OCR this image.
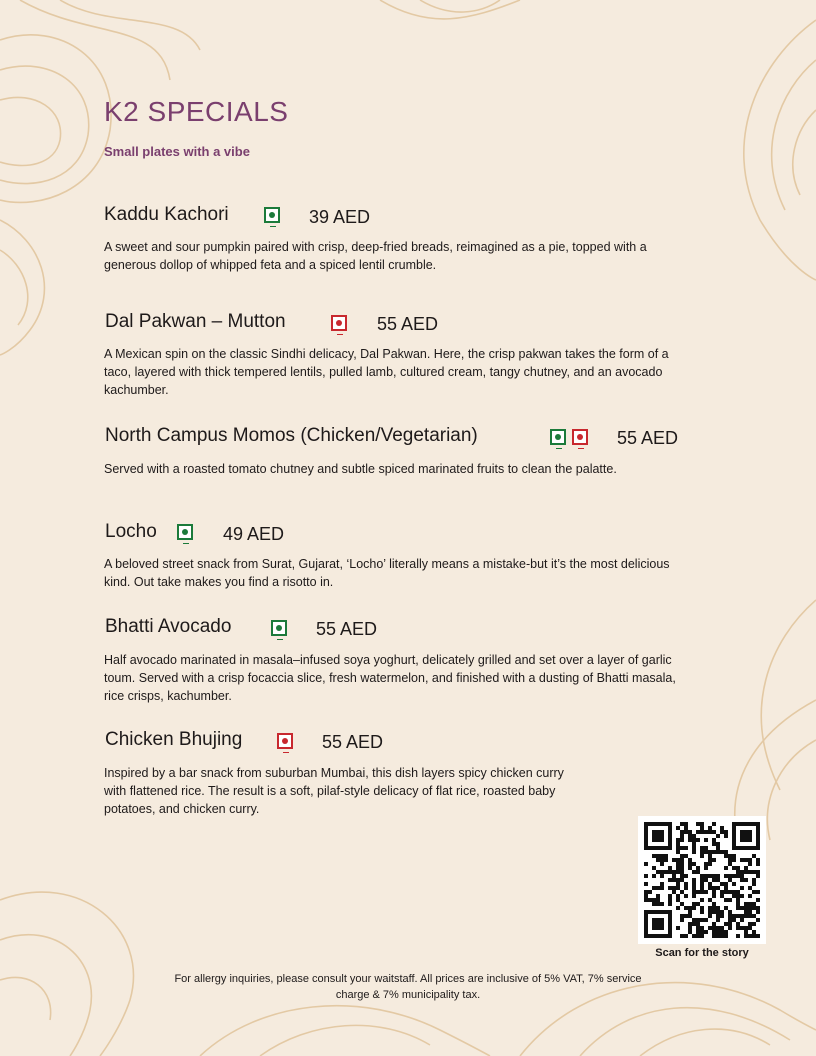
K2 SPECIALS
Small plates with a vibe
Kaddu Kachori	39 AED
A sweet and sour pumpkin paired with crisp, deep-fried breads, reimagined as a pie, topped with a generous dollop of whipped feta and a spiced lentil crumble.
Dal Pakwan – Mutton	55 AED
A Mexican spin on the classic Sindhi delicacy, Dal Pakwan. Here, the crisp pakwan takes the form of a taco, layered with thick tempered lentils, pulled lamb, cultured cream, tangy chutney, and an avocado kachumber.
North Campus Momos (Chicken/Vegetarian)	55 AED
Served with a roasted tomato chutney and subtle spiced marinated fruits to clean the palatte.
Locho	49 AED
A beloved street snack from Surat, Gujarat, ‘Locho’ literally means a mistake-but it’s the most delicious kind. Out take makes you find a risotto in.
Bhatti Avocado	55 AED
Half avocado marinated in masala–infused soya yoghurt, delicately grilled and set over a layer of garlic toum. Served with a crisp focaccia slice, fresh watermelon, and finished with a dusting of Bhatti masala, rice crisps, kachumber.
Chicken Bhujing	55 AED
Inspired by a bar snack from suburban Mumbai, this dish layers spicy chicken curry with flattened rice. The result is a soft, pilaf-style delicacy of flat rice, roasted baby potatoes, and chicken curry.
Scan for the story
For allergy inquiries, please consult your waitstaff. All prices are inclusive of 5% VAT, 7% service charge & 7% municipality tax.
